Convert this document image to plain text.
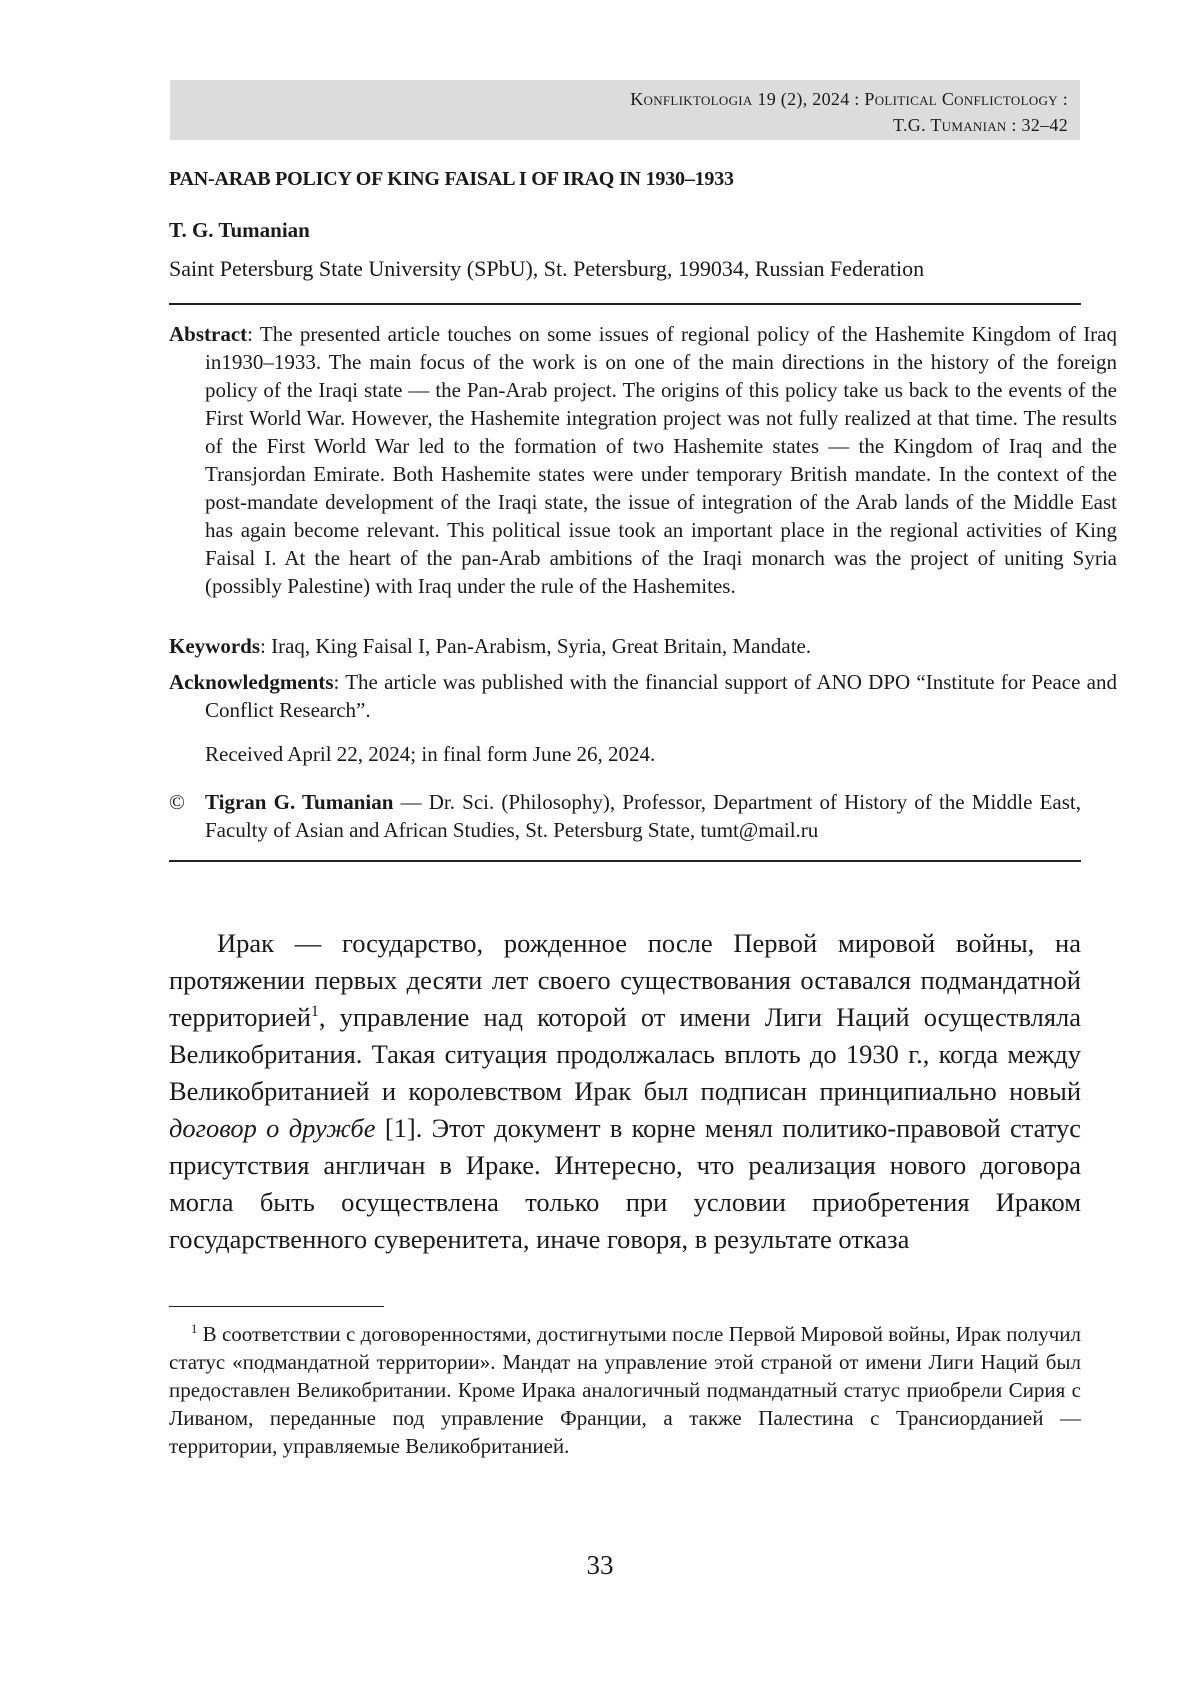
Konfliktologia 19 (2), 2024 : Political Conflictology :
T.G. Tumanian : 32–42
PAN-ARAB POLICY OF KING FAISAL I OF IRAQ IN 1930–1933
T. G. Tumanian
Saint Petersburg State University (SPbU), St. Petersburg, 199034, Russian Federation
Abstract: The presented article touches on some issues of regional policy of the Hashemite Kingdom of Iraq in1930–1933. The main focus of the work is on one of the main directions in the history of the foreign policy of the Iraqi state — the Pan-Arab project. The origins of this policy take us back to the events of the First World War. However, the Hashemite integration project was not fully realized at that time. The results of the First World War led to the formation of two Hashemite states — the Kingdom of Iraq and the Transjordan Emirate. Both Hashemite states were under temporary British mandate. In the context of the post-mandate development of the Iraqi state, the issue of integration of the Arab lands of the Middle East has again become relevant. This political issue took an important place in the regional activities of King Faisal I. At the heart of the pan-Arab ambitions of the Iraqi monarch was the project of uniting Syria (possibly Palestine) with Iraq under the rule of the Hashemites.
Keywords: Iraq, King Faisal I, Pan-Arabism, Syria, Great Britain, Mandate.
Acknowledgments: The article was published with the financial support of ANO DPO “Institute for Peace and Conflict Research”.
Received April 22, 2024; in final form June 26, 2024.
© Tigran G. Tumanian — Dr. Sci. (Philosophy), Professor, Department of History of the Middle East, Faculty of Asian and African Studies, St. Petersburg State, tumt@mail.ru
Ирак — государство, рожденное после Первой мировой войны, на протяжении первых десяти лет своего существования оставался подмандатной территорией$^1$, управление над которой от имени Лиги Наций осуществляла Великобритания. Такая ситуация продолжалась вплоть до 1930 г., когда между Великобританией и королевством Ирак был подписан принципиально новый договор о дружбе [1]. Этот документ в корне менял политико-правовой статус присутствия англичан в Ираке. Интересно, что реализация нового договора могла быть осуществлена только при условии приобретения Ираком государственного суверенитета, иначе говоря, в результате отказа
$^1$ В соответствии с договоренностями, достигнутыми после Первой Мировой войны, Ирак получил статус «подмандатной территории». Мандат на управление этой страной от имени Лиги Наций был предоставлен Великобритании. Кроме Ирака аналогичный подмандатный статус приобрели Сирия с Ливаном, переданные под управление Франции, а также Палестина с Трансиорданией — территории, управляемые Великобританией.
33
